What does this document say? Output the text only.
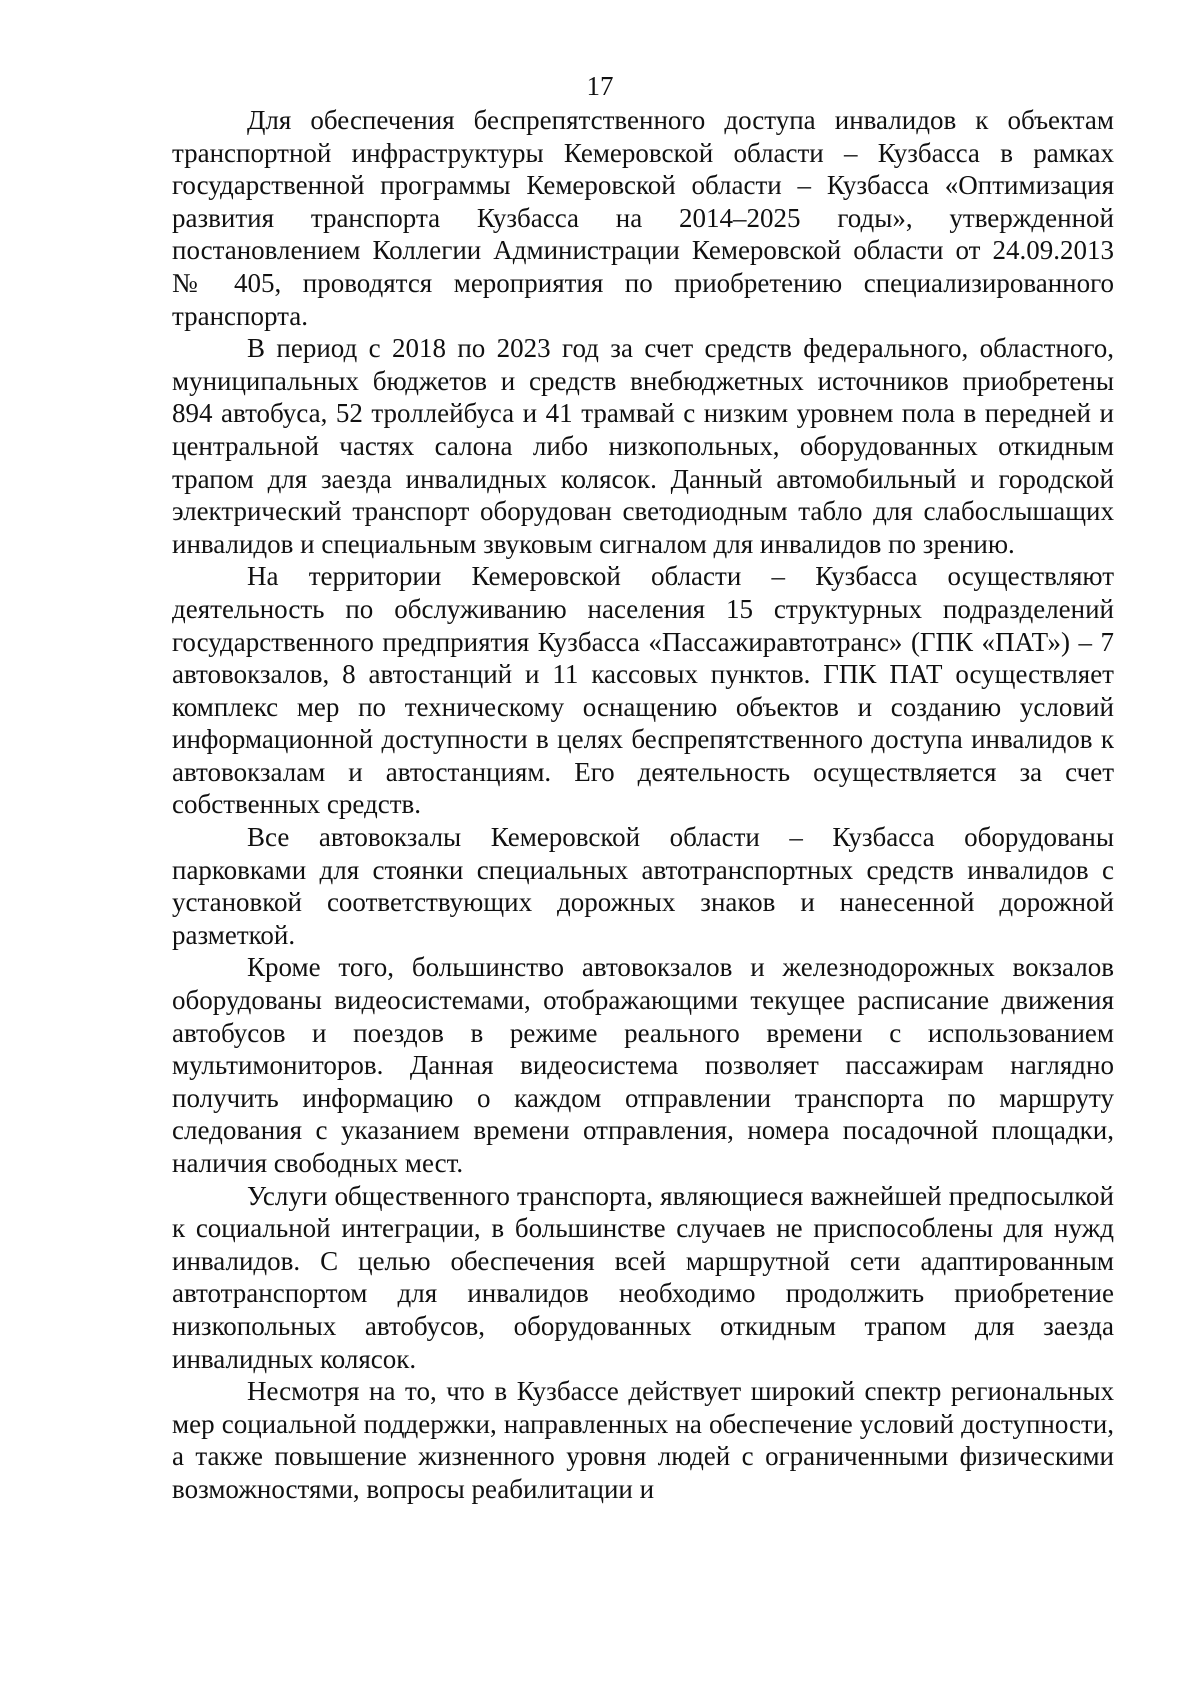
17

Для обеспечения беспрепятственного доступа инвалидов к объектам транспортной инфраструктуры Кемеровской области – Кузбасса в рамках государственной программы Кемеровской области – Кузбасса «Оптимизация развития транспорта Кузбасса на 2014–2025 годы», утвержденной постановлением Коллегии Администрации Кемеровской области от 24.09.2013 № 405, проводятся мероприятия по приобретению специализированного транспорта.

В период с 2018 по 2023 год за счет средств федерального, областного, муниципальных бюджетов и средств внебюджетных источников приобретены 894 автобуса, 52 троллейбуса и 41 трамвай с низким уровнем пола в передней и центральной частях салона либо низкопольных, оборудованных откидным трапом для заезда инвалидных колясок. Данный автомобильный и городской электрический транспорт оборудован светодиодным табло для слабослышащих инвалидов и специальным звуковым сигналом для инвалидов по зрению.

На территории Кемеровской области – Кузбасса осуществляют деятельность по обслуживанию населения 15 структурных подразделений государственного предприятия Кузбасса «Пассажиравтотранс» (ГПК «ПАТ») – 7 автовокзалов, 8 автостанций и 11 кассовых пунктов. ГПК ПАТ осуществляет комплекс мер по техническому оснащению объектов и созданию условий информационной доступности в целях беспрепятственного доступа инвалидов к автовокзалам и автостанциям. Его деятельность осуществляется за счет собственных средств.

Все автовокзалы Кемеровской области – Кузбасса оборудованы парковками для стоянки специальных автотранспортных средств инвалидов с установкой соответствующих дорожных знаков и нанесенной дорожной разметкой.

Кроме того, большинство автовокзалов и железнодорожных вокзалов оборудованы видеосистемами, отображающими текущее расписание движения автобусов и поездов в режиме реального времени с использованием мультимониторов. Данная видеосистема позволяет пассажирам наглядно получить информацию о каждом отправлении транспорта по маршруту следования с указанием времени отправления, номера посадочной площадки, наличия свободных мест.

Услуги общественного транспорта, являющиеся важнейшей предпосылкой к социальной интеграции, в большинстве случаев не приспособлены для нужд инвалидов. С целью обеспечения всей маршрутной сети адаптированным автотранспортом для инвалидов необходимо продолжить приобретение низкопольных автобусов, оборудованных откидным трапом для заезда инвалидных колясок.

Несмотря на то, что в Кузбассе действует широкий спектр региональных мер социальной поддержки, направленных на обеспечение условий доступности, а также повышение жизненного уровня людей с ограниченными физическими возможностями, вопросы реабилитации и
